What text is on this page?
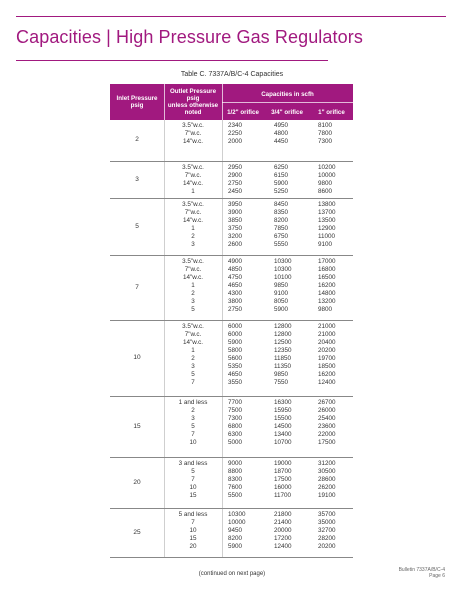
Capacities | High Pressure Gas Regulators
Table C. 7337A/B/C-4 Capacities
Inlet Pressure
psig
Outlet Pressure
psig
unless otherwise
noted
Capacities in scfh
1/2" orifice	3/4" orifice	1" orifice
2
3.5"w.c.
7"w.c.
14"w.c.
2340
2250
2000
4950
4800
4450
8100
7800
7300
3
3.5"w.c.
7"w.c.
14"w.c.
1
2950
2900
2750
2450
6250
6150
5900
5250
10200
10000
9800
8600
5
3.5"w.c.
7"w.c.
14"w.c.
1
2
3
3950
3900
3850
3750
3200
2600
8450
8350
8200
7850
6750
5550
13800
13700
13500
12900
11000
9100
7
3.5"w.c.
7"w.c.
14"w.c.
1
2
3
5
4900
4850
4750
4650
4300
3800
2750
10300
10300
10100
9850
9100
8050
5900
17000
16800
16500
16200
14800
13200
9800
10
3.5"w.c.
7"w.c.
14"w.c.
1
2
3
5
7
6000
6000
5900
5800
5600
5350
4650
3550
12800
12800
12500
12350
11850
11350
9850
7550
21000
21000
20400
20200
19700
18500
16200
12400
15
1 and less
2
3
5
7
10
7700
7500
7300
6800
6300
5000
16300
15950
15500
14500
13400
10700
26700
26000
25400
23600
22000
17500
20
3 and less
5
7
10
15
9000
8800
8300
7600
5500
19000
18700
17500
16000
11700
31200
30500
28600
26200
19100
25
5 and less
7
10
15
20
10300
10000
9450
8200
5900
21800
21400
20000
17200
12400
35700
35000
32700
28200
20200
(continued on next page)
Bulletin 7337A/B/C-4
Page 6
